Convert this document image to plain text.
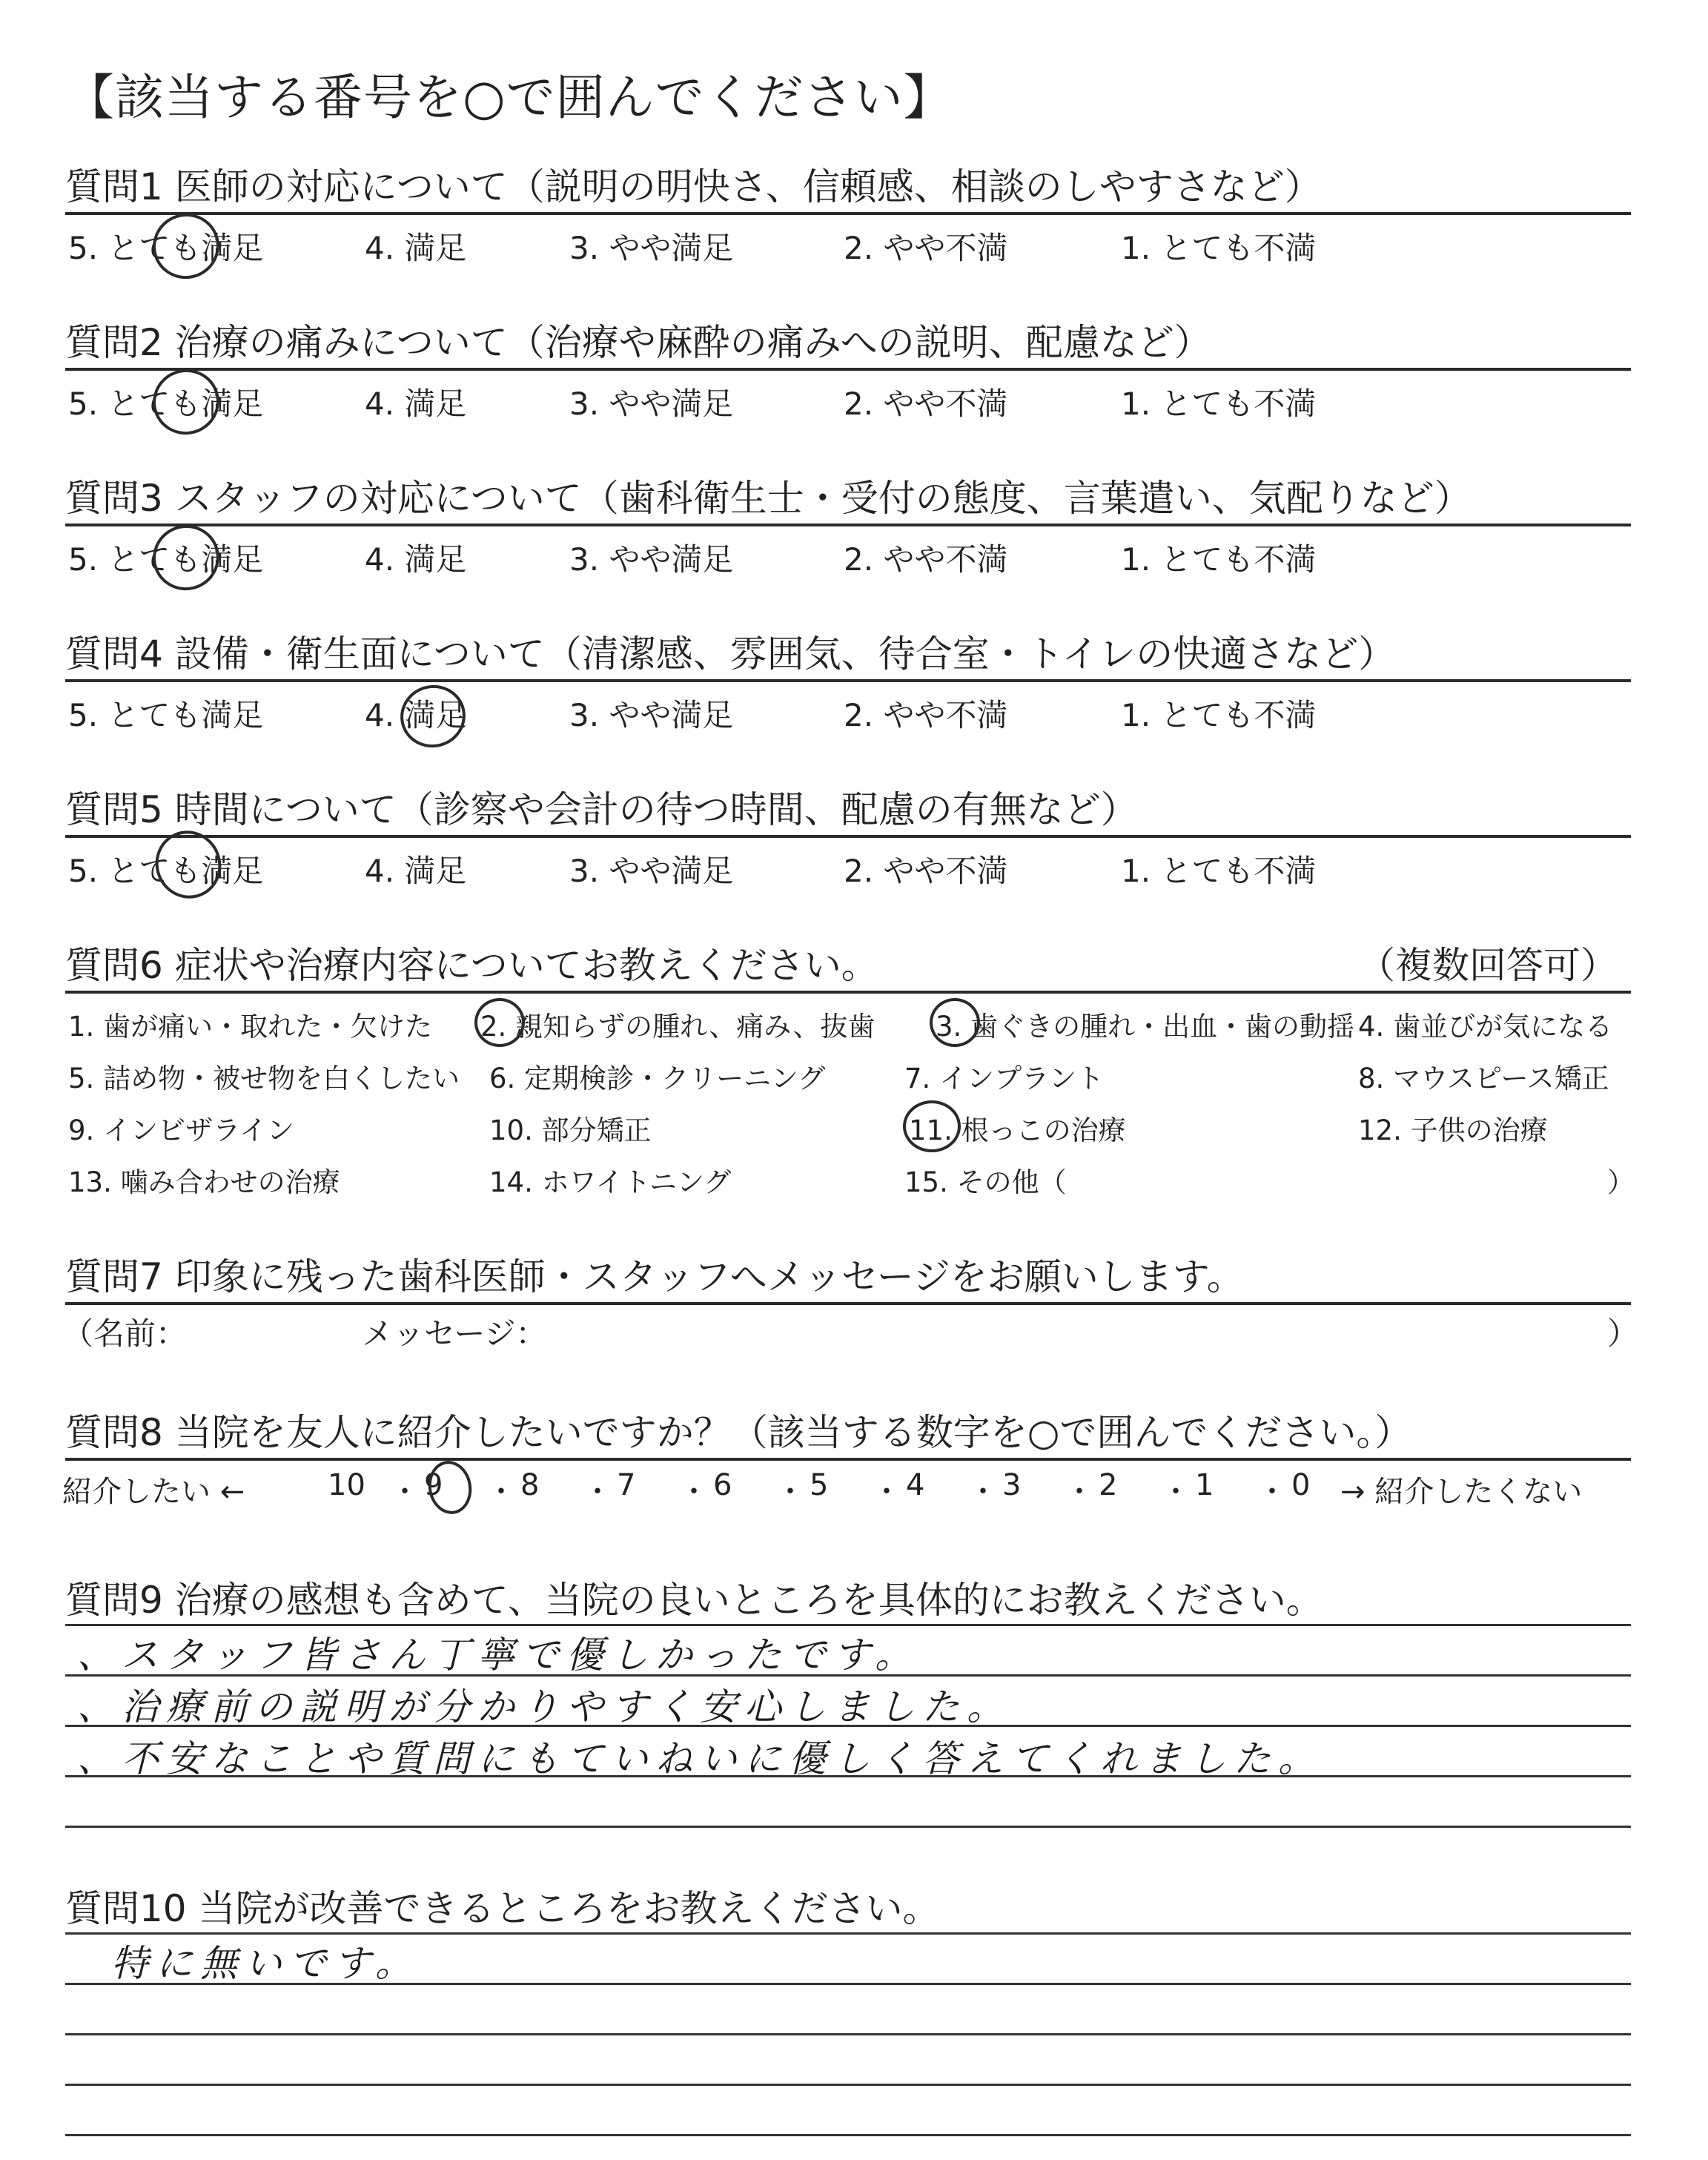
【該当する番号を○で囲んでください】
質問1 医師の対応について（説明の明快さ、信頼感、相談のしやすさなど）
5. とても満足	4. 満足	3. やや満足	2. やや不満	1. とても不満
質問2 治療の痛みについて（治療や麻酔の痛みへの説明、配慮など）
5. とても満足	4. 満足	3. やや満足	2. やや不満	1. とても不満
質問3 スタッフの対応について（歯科衛生士・受付の態度、言葉遣い、気配りなど）
5. とても満足	4. 満足	3. やや満足	2. やや不満	1. とても不満
質問4 設備・衛生面について（清潔感、雰囲気、待合室・トイレの快適さなど）
5. とても満足	4. 満足	3. やや満足	2. やや不満	1. とても不満
質問5 時間について（診察や会計の待つ時間、配慮の有無など）
5. とても満足	4. 満足	3. やや満足	2. やや不満	1. とても不満
質問6 症状や治療内容についてお教えください。	（複数回答可）
1. 歯が痛い・取れた・欠けた 2. 親知らずの腫れ、痛み、抜歯 3. 歯ぐきの腫れ・出血・歯の動揺 4. 歯並びが気になる
5. 詰め物・被せ物を白くしたい 6. 定期検診・クリーニング	7. インプラント	8. マウスピース矯正
9. インビザライン	10. 部分矯正	11. 根っこの治療	12. 子供の治療
13. 噛み合わせの治療	14. ホワイトニング	15. その他（	）
質問7 印象に残った歯科医師・スタッフへメッセージをお願いします。
（名前：	メッセージ：	）
質問8 当院を友人に紹介したいですか？（該当する数字を○で囲んでください。）
紹介したい ←	→ 紹介したくない
10 ・ 9 ・ 8 ・ 7 ・ 6 ・ 5 ・ 4 ・ 3 ・ 2 ・ 1 ・ 0
質問9 治療の感想も含めて、当院の良いところを具体的にお教えください。
、スタッフ皆さん丁寧で優しかったです。
、治療前の説明が分かりやすく安心しました。
、不安なことや質問にもていねいに優しく答えてくれました。
質問10 当院が改善できるところをお教えください。
特に無いです。
